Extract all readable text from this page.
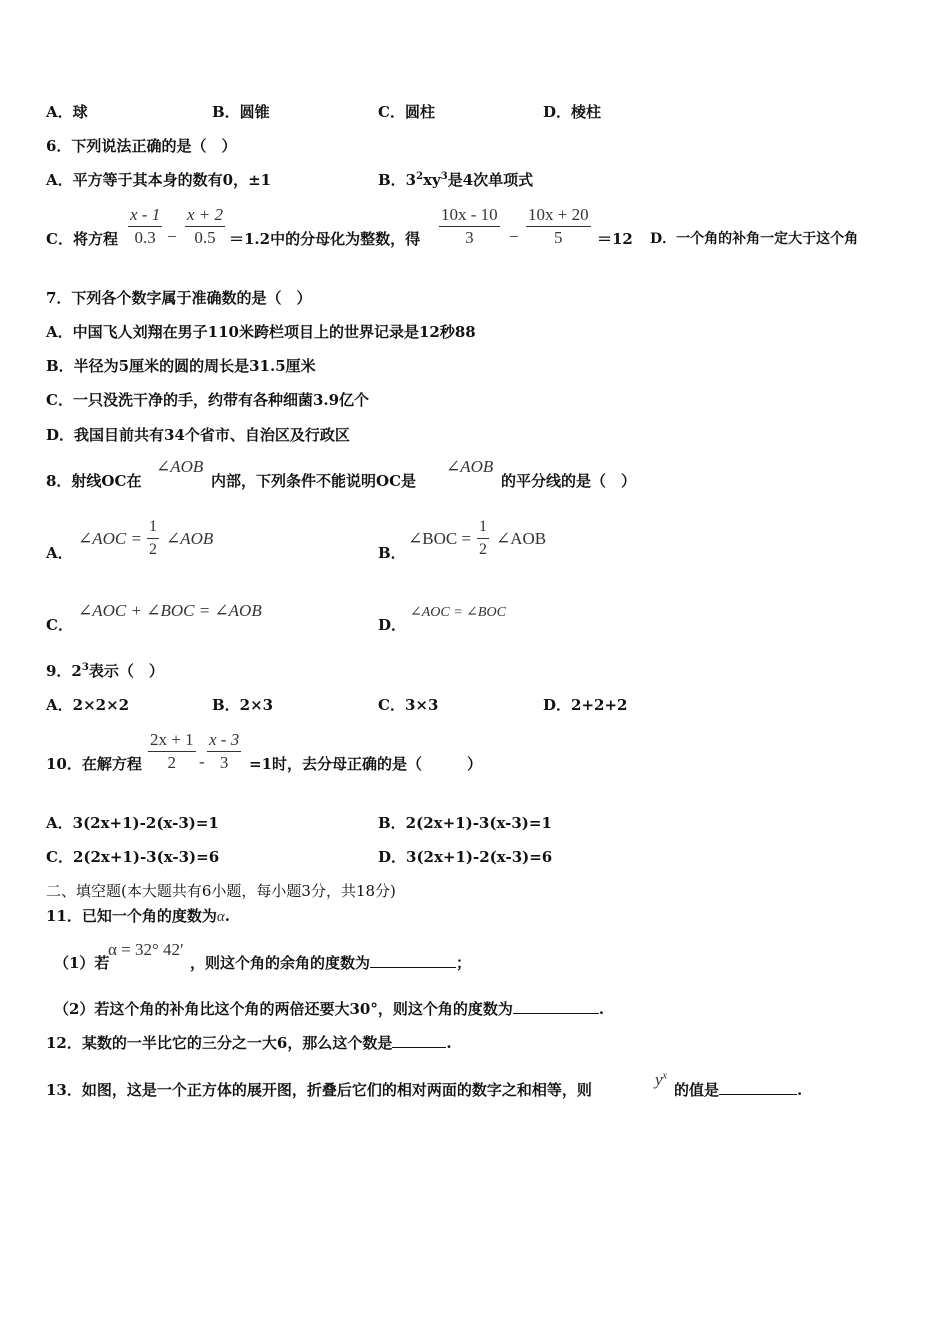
A．球	B．圆锥	C．圆柱	D．棱柱
6．下列说法正确的是（　）
A．平方等于其本身的数有0，±1	B．$3^2xy^3$是4次单项式
C．将方程 $\frac{x - 1}{0.3} - \frac{x + 2}{0.5} =1.2$中的分母化为整数，得 $\frac{10x - 10}{3} - \frac{10x + 20}{5} =12$ D．一个角的补角一定大于这个角
7．下列各个数字属于准确数的是（　）
A．中国飞人刘翔在男子110米跨栏项目上的世界记录是12秒88
B．半径为5厘米的圆的周长是31.5厘米
C．一只没洗干净的手，约带有各种细菌3.9亿个
D．我国目前共有34个省市、自治区及行政区
8．射线OC在
∠AOB
内部，下列条件不能说明OC是
∠AOB
的平分线的是（　）
A．
∠AOC = $\frac{1}{2}$ ∠AOB
B．
∠BOC = $\frac{1}{2}$ ∠AOB
C．
∠AOC + ∠BOC = ∠AOB
D．
∠AOC = ∠BOC
9．$2^3$表示（　）
A．2×2×2	B．2×3	C．3×3	D．2+2+2
10．在解方程 $\frac{2x + 1}{2} - \frac{x - 3}{3} =1$时，去分母正确的是（　　　）
A．3(2x+1)-2(x-3)=1	B．2(2x+1)-3(x-3)=1
C．2(2x+1)-3(x-3)=6	D．3(2x+1)-2(x-3)=6
二、填空题(本大题共有6小题，每小题3分，共18分)
11．已知一个角的度数为α.
（1）若
α = 32° 42′
，则这个角的余角的度数为	；
（2）若这个角的补角比这个角的两倍还要大30°，则这个角的度数为	.
12．某数的一半比它的三分之一大6，那么这个数是	.
13．如图，这是一个正方体的展开图，折叠后它们的相对两面的数字之和相等，则
$y^x$
的值是	.
